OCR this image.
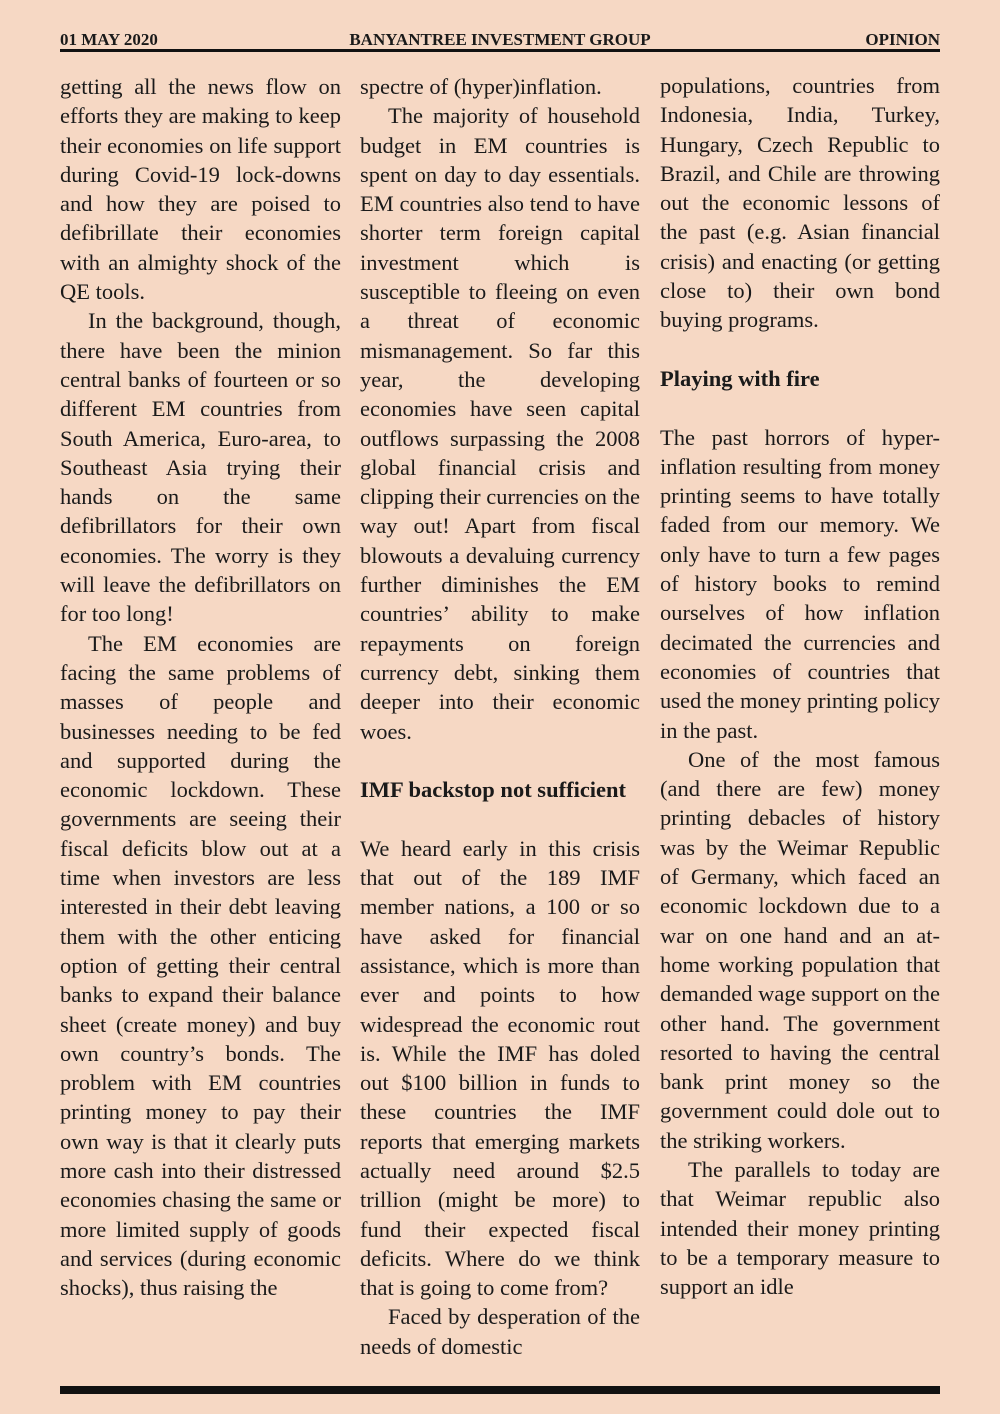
01 MAY 2020	BANYANTREE INVESTMENT GROUP	OPINION

getting all the news flow on efforts they are making to keep their economies on life support during Covid-19 lock-downs and how they are poised to defibrillate their economies with an almighty shock of the QE tools.

In the background, though, there have been the minion central banks of fourteen or so different EM countries from South America, Euro-area, to Southeast Asia trying their hands on the same defibrillators for their own economies. The worry is they will leave the defibrillators on for too long!

The EM economies are facing the same problems of masses of people and businesses needing to be fed and supported during the economic lockdown. These governments are seeing their fiscal deficits blow out at a time when investors are less interested in their debt leaving them with the other enticing option of getting their central banks to expand their balance sheet (create money) and buy own country’s bonds. The problem with EM countries printing money to pay their own way is that it clearly puts more cash into their distressed economies chasing the same or more limited supply of goods and services (during economic shocks), thus raising the

spectre of (hyper)inflation.

The majority of household budget in EM countries is spent on day to day essentials. EM countries also tend to have shorter term foreign capital investment which is susceptible to fleeing on even a threat of economic mismanagement. So far this year, the developing economies have seen capital outflows surpassing the 2008 global financial crisis and clipping their currencies on the way out! Apart from fiscal blowouts a devaluing currency further diminishes the EM countries’ ability to make repayments on foreign currency debt, sinking them deeper into their economic woes.

IMF backstop not sufficient

We heard early in this crisis that out of the 189 IMF member nations, a 100 or so have asked for financial assistance, which is more than ever and points to how widespread the economic rout is. While the IMF has doled out $100 billion in funds to these countries the IMF reports that emerging markets actually need around $2.5 trillion (might be more) to fund their expected fiscal deficits. Where do we think that is going to come from?

Faced by desperation of the needs of domestic

populations, countries from Indonesia, India, Turkey, Hungary, Czech Republic to Brazil, and Chile are throwing out the economic lessons of the past (e.g. Asian financial crisis) and enacting (or getting close to) their own bond buying programs.

Playing with fire

The past horrors of hyper-inflation resulting from money printing seems to have totally faded from our memory. We only have to turn a few pages of history books to remind ourselves of how inflation decimated the currencies and economies of countries that used the money printing policy in the past.

One of the most famous (and there are few) money printing debacles of history was by the Weimar Republic of Germany, which faced an economic lockdown due to a war on one hand and an at-home working population that demanded wage support on the other hand. The government resorted to having the central bank print money so the government could dole out to the striking workers.

The parallels to today are that Weimar republic also intended their money printing to be a temporary measure to support an idle
